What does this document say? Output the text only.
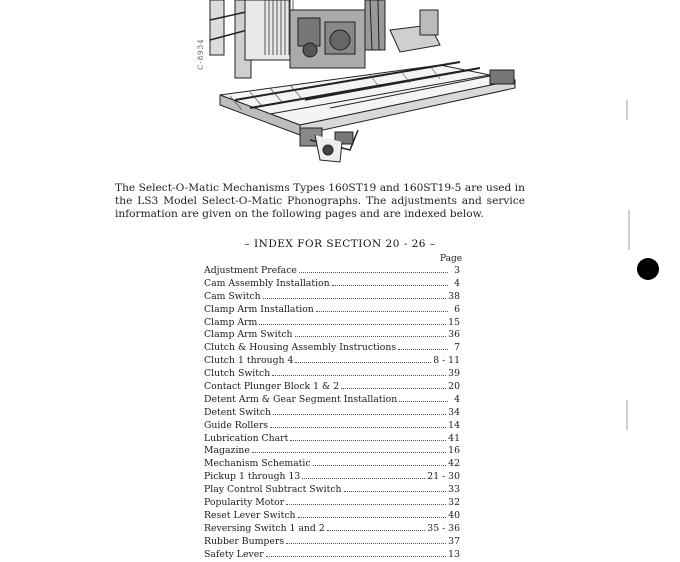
C-8934
The Select-O-Matic Mechanisms Types 160ST19 and 160ST19-5 are used in the LS3 Model Select-O-Matic Phonographs. The adjustments and service information are given on the following pages and are indexed below.
– INDEX FOR SECTION 20 - 26 –
Page
Adjustment Preface	3
Cam Assembly Installation	4
Cam Switch	38
Clamp Arm Installation	6
Clamp Arm	15
Clamp Arm Switch	36
Clutch & Housing Assembly Instructions	7
Clutch 1 through 4	8 - 11
Clutch Switch	39
Contact Plunger Block 1 & 2	20
Detent Arm & Gear Segment Installation	4
Detent Switch	34
Guide Rollers	14
Lubrication Chart	41
Magazine	16
Mechanism Schematic	42
Pickup 1 through 13	21 - 30
Play Control Subtract Switch	33
Popularity Motor	32
Reset Lever Switch	40
Reversing Switch 1 and 2	35 - 36
Rubber Bumpers	37
Safety Lever	13
